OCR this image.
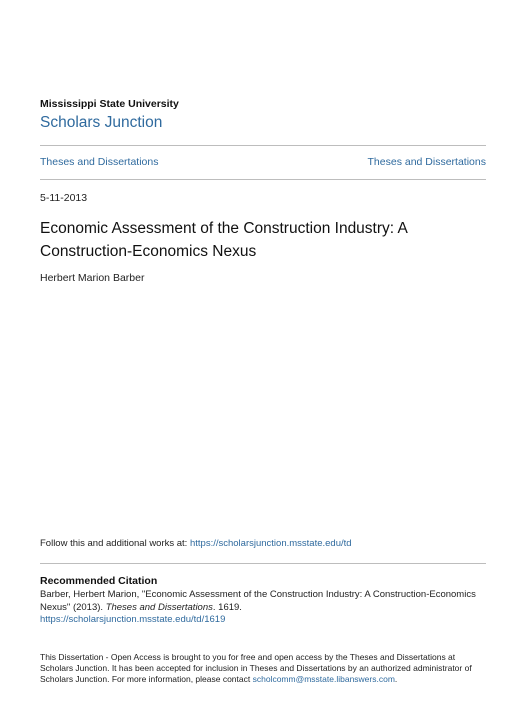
Mississippi State University
Scholars Junction
Theses and Dissertations	Theses and Dissertations
5-11-2013
Economic Assessment of the Construction Industry: A
Construction-Economics Nexus
Herbert Marion Barber
Follow this and additional works at: https://scholarsjunction.msstate.edu/td
Recommended Citation
Barber, Herbert Marion, "Economic Assessment of the Construction Industry: A Construction-Economics
Nexus" (2013). Theses and Dissertations. 1619.
https://scholarsjunction.msstate.edu/td/1619
This Dissertation - Open Access is brought to you for free and open access by the Theses and Dissertations at
Scholars Junction. It has been accepted for inclusion in Theses and Dissertations by an authorized administrator of
Scholars Junction. For more information, please contact scholcomm@msstate.libanswers.com.
